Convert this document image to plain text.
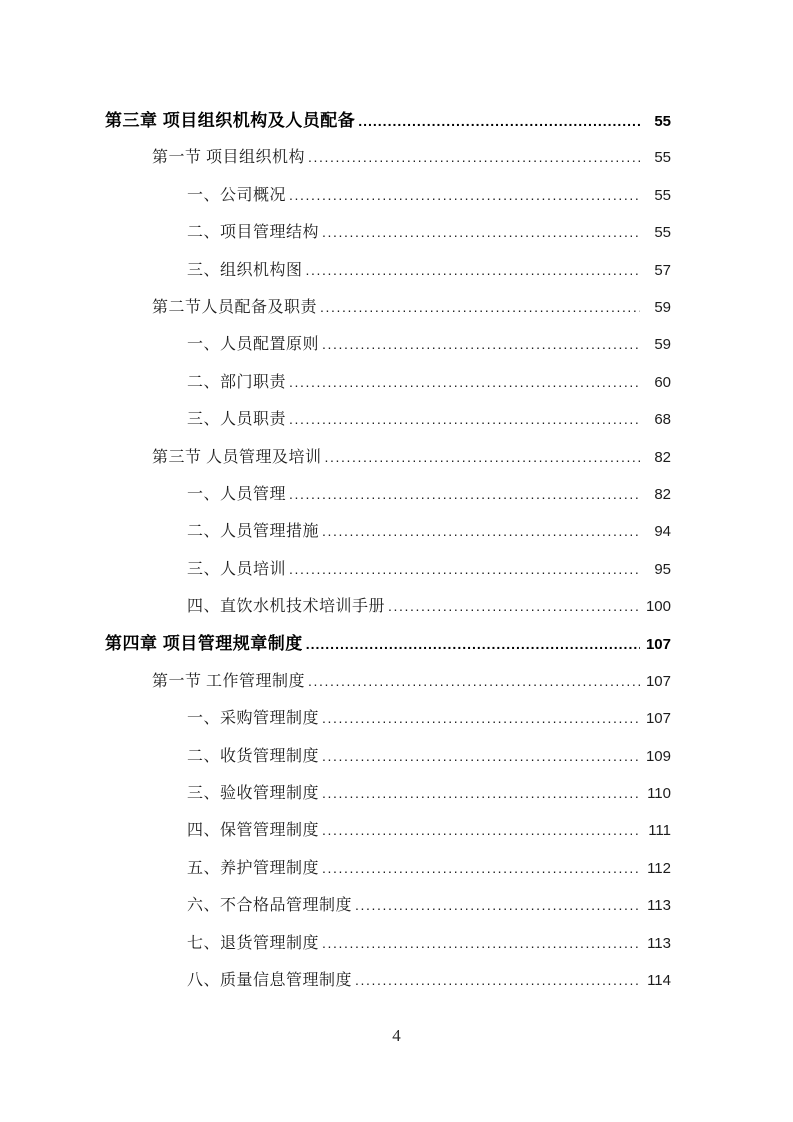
第三章 项目组织机构及人员配备 .....	55
第一节 项目组织机构 .....	55
一、公司概况 .....	55
二、项目管理结构 .....	55
三、组织机构图 .....	57
第二节人员配备及职责 .....	59
一、人员配置原则 .....	59
二、部门职责 .....	60
三、人员职责 .....	68
第三节 人员管理及培训 .....	82
一、人员管理 .....	82
二、人员管理措施 .....	94
三、人员培训 .....	95
四、直饮水机技术培训手册 .....	100
第四章 项目管理规章制度 .....	107
第一节 工作管理制度 .....	107
一、采购管理制度 .....	107
二、收货管理制度 .....	109
三、验收管理制度 .....	110
四、保管管理制度 .....	111
五、养护管理制度 .....	112
六、不合格品管理制度 .....	113
七、退货管理制度 .....	113
八、质量信息管理制度 .....	114
4
